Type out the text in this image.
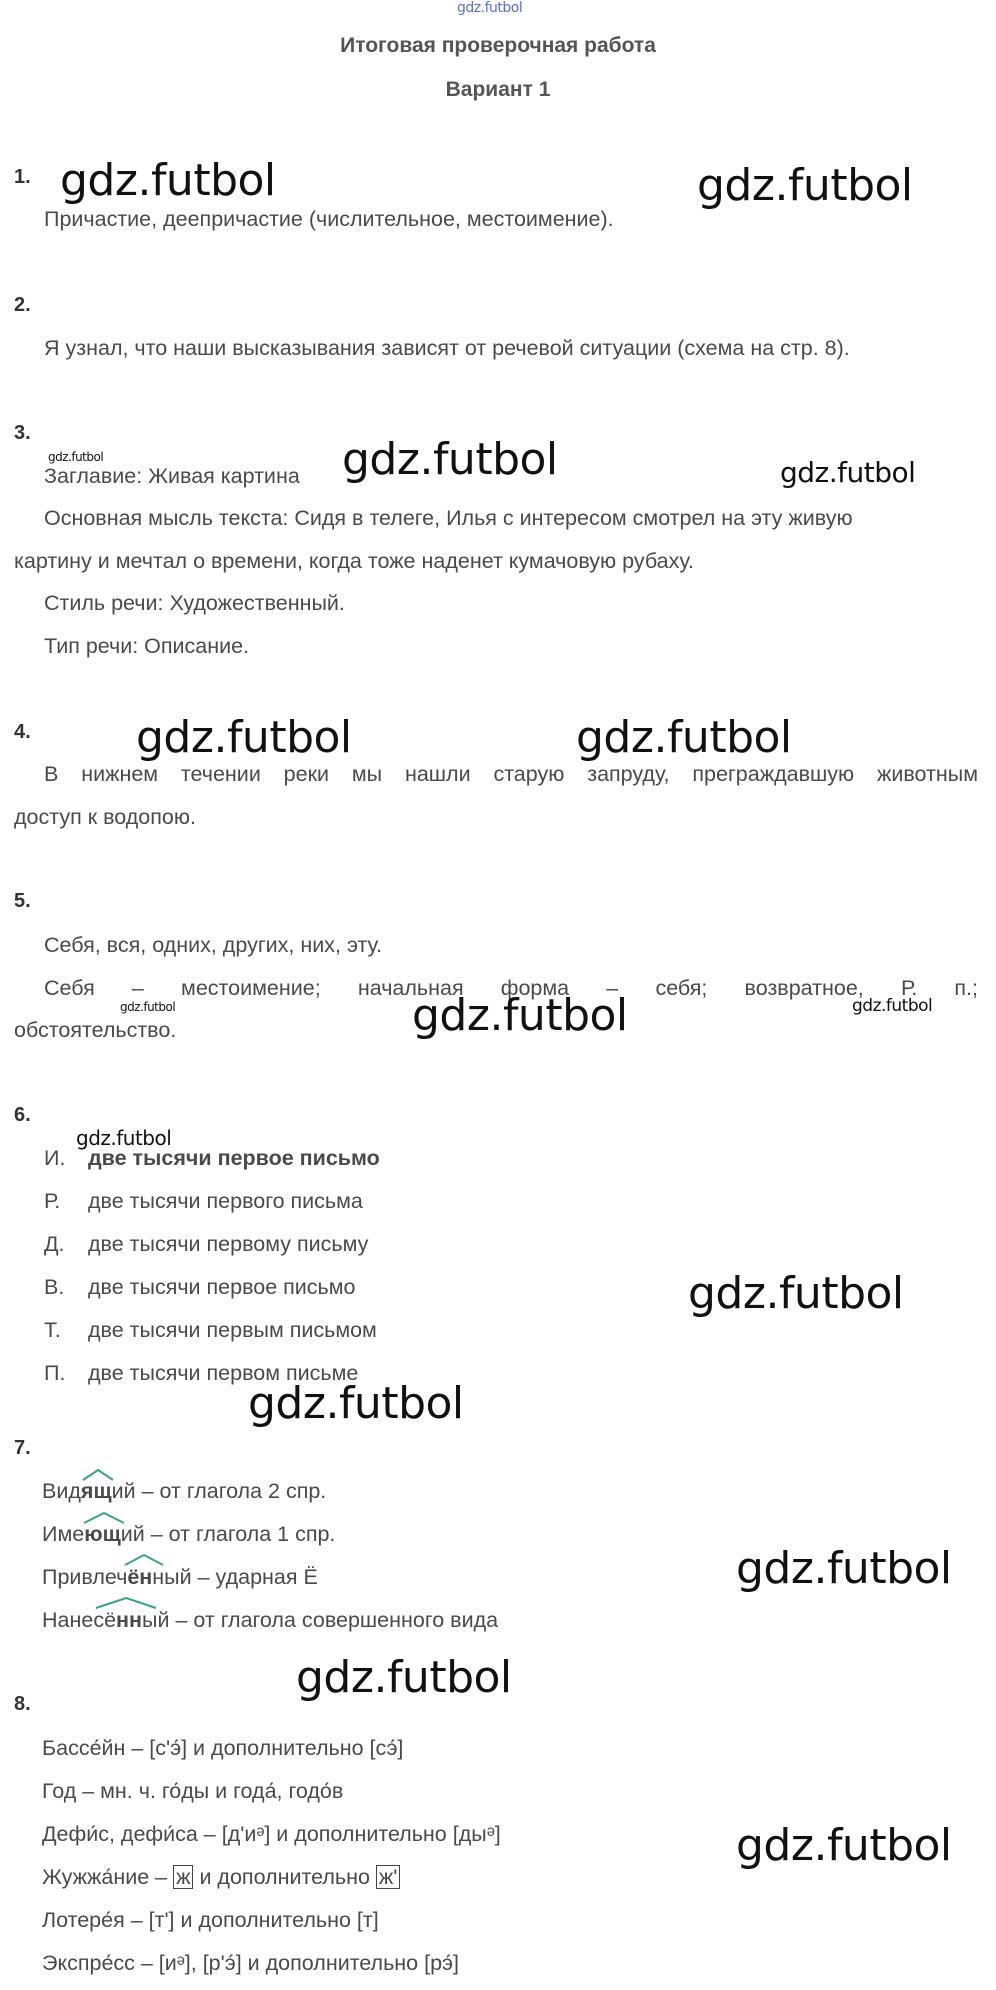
gdz.futbol
Итоговая проверочная работа
Вариант 1
1.
Причастие, деепричастие (числительное, местоимение).
2.
Я узнал, что наши высказывания зависят от речевой ситуации (схема на стр. 8).
3.
Заглавие: Живая картина
Основная мысль текста: Сидя в телеге, Илья с интересом смотрел на эту живую
картину и мечтал о времени, когда тоже наденет кумачовую рубаху.
Стиль речи: Художественный.
Тип речи: Описание.
4.
В нижнем течении реки мы нашли старую запруду, преграждавшую животным
доступ к водопою.
5.
Себя, вся, одних, других, них, эту.
Себя – местоимение; начальная форма – себя; возвратное, Р. п.;
обстоятельство.
6.
И. две тысячи первое письмо
Р. две тысячи первого письма
Д. две тысячи первому письму
В. две тысячи первое письмо
Т. две тысячи первым письмом
П. две тысячи первом письме
7.
Вид
ящий – от глагола 2 спр.
Име
ющий – от глагола 1 спр.
Привлеч
ённый – ударная Ё
Нанесё
нный – от глагола совершенного вида
8.
Бассе́йн – [с'э́] и дополнительно [сэ́]
Год – мн. ч. го́ды и года́, годо́в
Дефи́с, дефи́са – [д'иᵊ] и дополнительно [дыᵊ]
Жужжа́ние – ж и дополнительно ж'
Лотере́я – [т'] и дополнительно [т]
Экспре́сс – [иᵊ], [р'э́] и дополнительно [рэ́]
gdz.futbol	gdz.futbol
gdz.futbol	gdz.futbol	gdz.futbol
gdz.futbol	gdz.futbol
gdz.futbol	gdz.futbol	gdz.futbol
gdz.futbol
gdz.futbol
gdz.futbol
gdz.futbol
gdz.futbol
gdz.futbol
